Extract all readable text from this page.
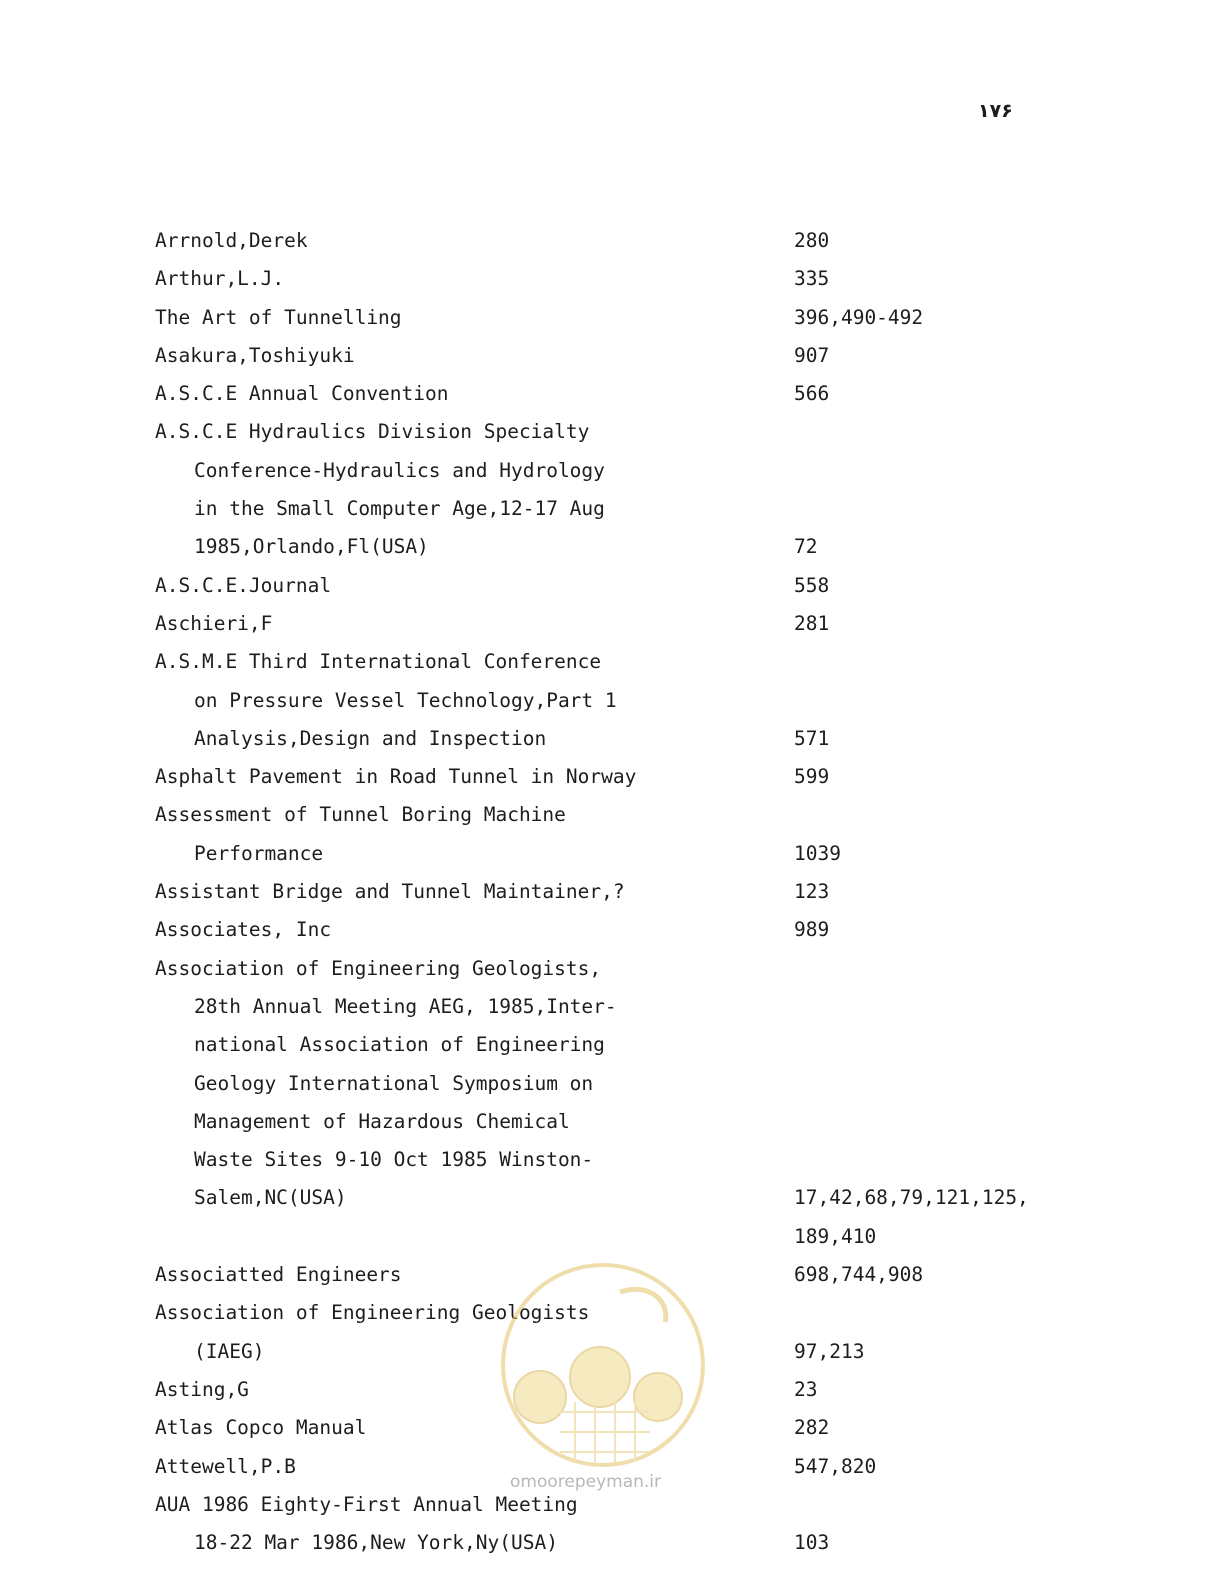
۱۷۶
Arrnold,Derek	280
Arthur,L.J.	335
The Art of Tunnelling	396,490-492
Asakura,Toshiyuki	907
A.S.C.E Annual Convention	566
A.S.C.E Hydraulics Division Specialty
Conference-Hydraulics and Hydrology
in the Small Computer Age,12-17 Aug
1985,Orlando,Fl(USA)	72
A.S.C.E.Journal	558
Aschieri,F	281
A.S.M.E Third International Conference
on Pressure Vessel Technology,Part 1
Analysis,Design and Inspection	571
Asphalt Pavement in Road Tunnel in Norway	599
Assessment of Tunnel Boring Machine
Performance	1039
Assistant Bridge and Tunnel Maintainer,?	123
Associates, Inc	989
Association of Engineering Geologists,
28th Annual Meeting AEG, 1985,Inter-
national Association of Engineering
Geology International Symposium on
Management of Hazardous Chemical
Waste Sites 9-10 Oct 1985 Winston-
Salem,NC(USA)	17,42,68,79,121,125,
189,410
Associatted Engineers	698,744,908
Association of Engineering Geologists
(IAEG)	97,213
Asting,G	23
Atlas Copco Manual	282
Attewell,P.B	547,820
AUA 1986 Eighty-First Annual Meeting
18-22 Mar 1986,New York,Ny(USA)	103
omoorepeyman.ir
